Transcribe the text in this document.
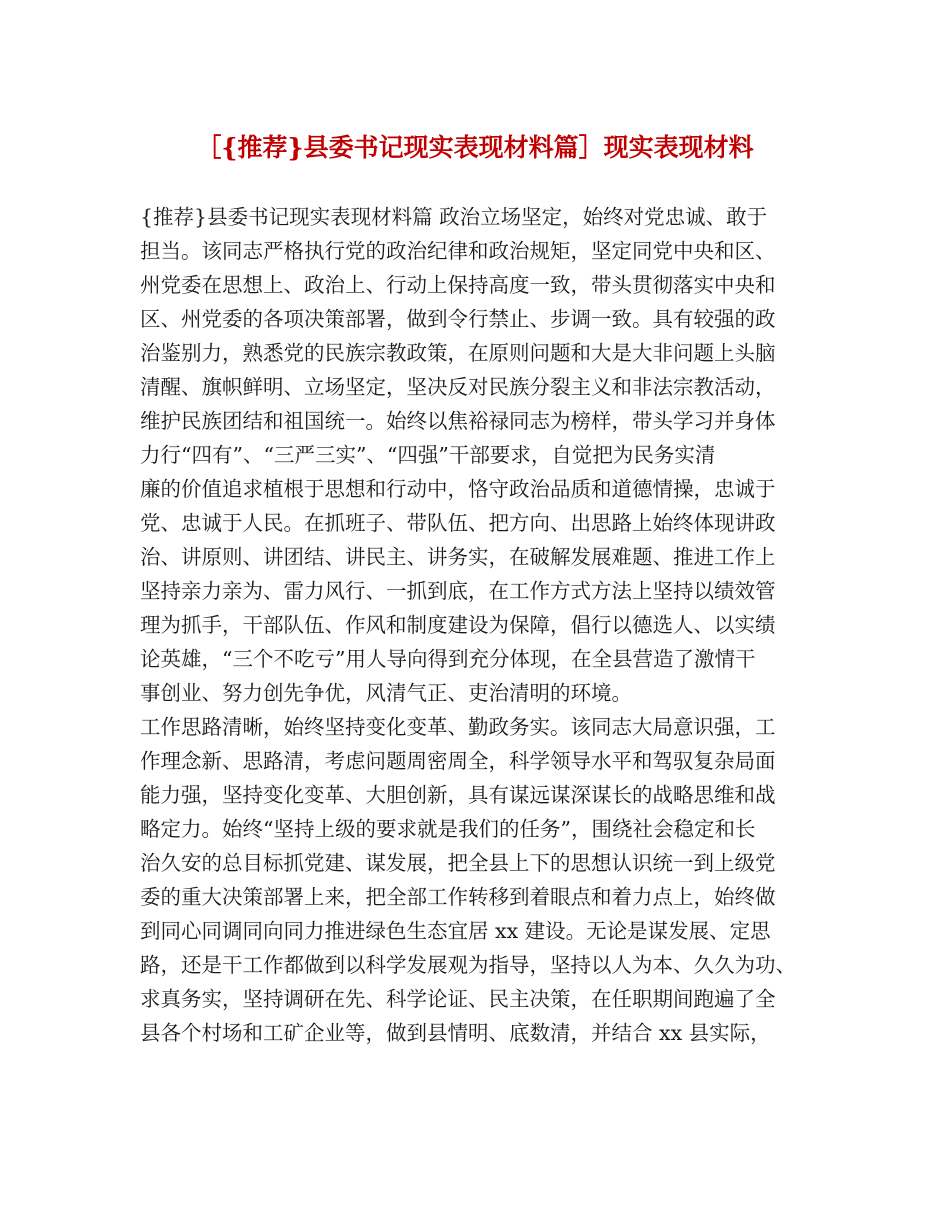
［{推荐}县委书记现实表现材料篇］现实表现材料
{推荐}县委书记现实表现材料篇 政治立场坚定，始终对党忠诚、敢于
担当。该同志严格执行党的政治纪律和政治规矩，坚定同党中央和区、
州党委在思想上、政治上、行动上保持高度一致，带头贯彻落实中央和
区、州党委的各项决策部署，做到令行禁止、步调一致。具有较强的政
治鉴别力，熟悉党的民族宗教政策，在原则问题和大是大非问题上头脑
清醒、旗帜鲜明、立场坚定，坚决反对民族分裂主义和非法宗教活动，
维护民族团结和祖国统一。始终以焦裕禄同志为榜样，带头学习并身体
力行“四有”、“三严三实”、“四强”干部要求，自觉把为民务实清
廉的价值追求植根于思想和行动中，恪守政治品质和道德情操，忠诚于
党、忠诚于人民。在抓班子、带队伍、把方向、出思路上始终体现讲政
治、讲原则、讲团结、讲民主、讲务实，在破解发展难题、推进工作上
坚持亲力亲为、雷力风行、一抓到底，在工作方式方法上坚持以绩效管
理为抓手，干部队伍、作风和制度建设为保障，倡行以德选人、以实绩
论英雄，“三个不吃亏”用人导向得到充分体现，在全县营造了激情干
事创业、努力创先争优，风清气正、吏治清明的环境。
工作思路清晰，始终坚持变化变革、勤政务实。该同志大局意识强，工
作理念新、思路清，考虑问题周密周全，科学领导水平和驾驭复杂局面
能力强，坚持变化变革、大胆创新，具有谋远谋深谋长的战略思维和战
略定力。始终“坚持上级的要求就是我们的任务”，围绕社会稳定和长
治久安的总目标抓党建、谋发展，把全县上下的思想认识统一到上级党
委的重大决策部署上来，把全部工作转移到着眼点和着力点上，始终做
到同心同调同向同力推进绿色生态宜居 xx 建设。无论是谋发展、定思
路，还是干工作都做到以科学发展观为指导，坚持以人为本、久久为功、
求真务实，坚持调研在先、科学论证、民主决策，在任职期间跑遍了全
县各个村场和工矿企业等，做到县情明、底数清，并结合 xx 县实际，
